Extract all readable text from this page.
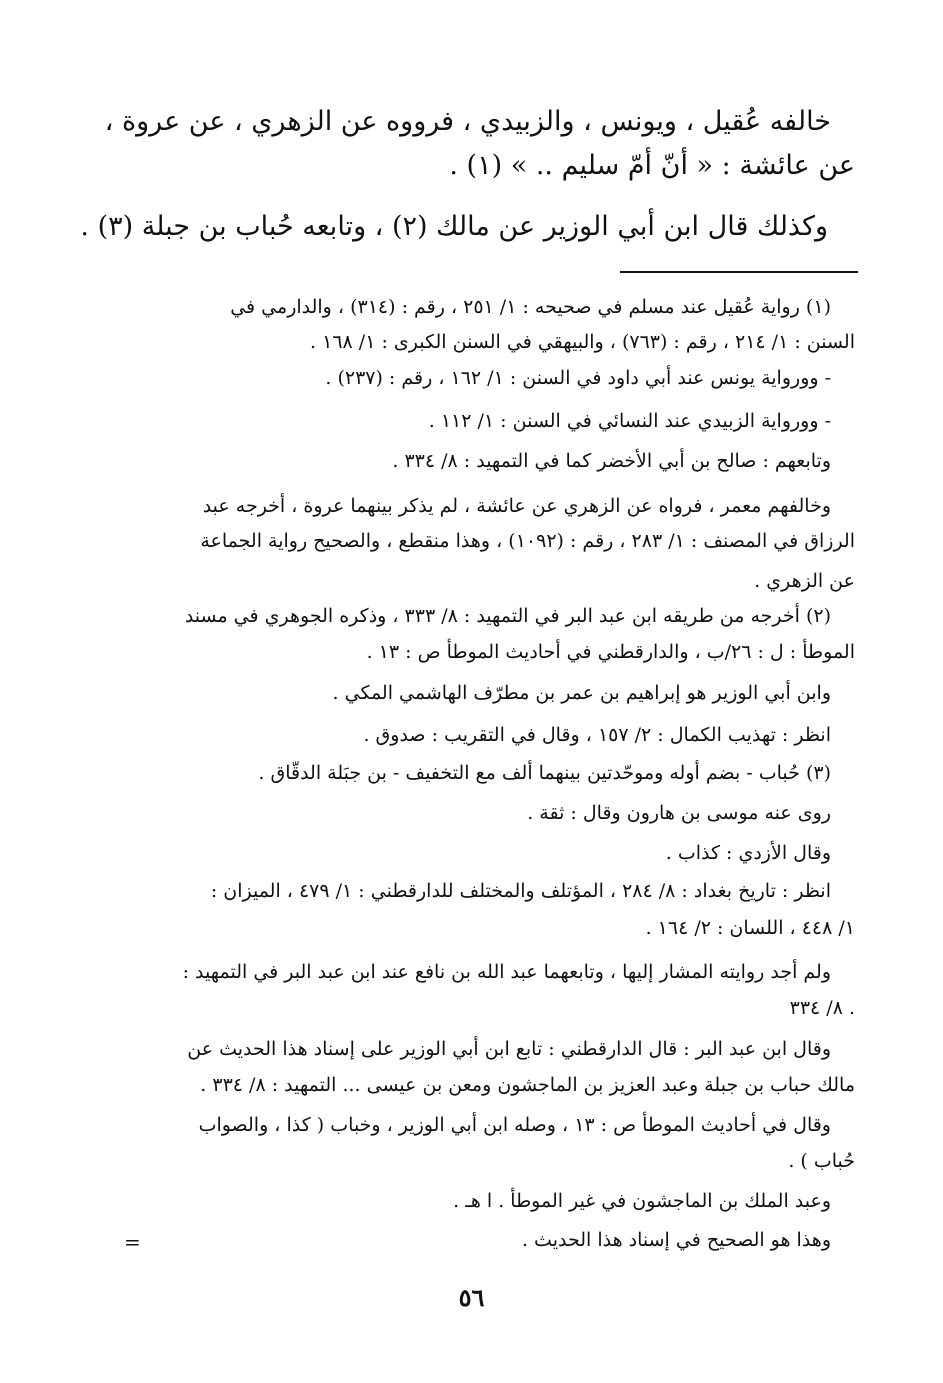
خالفه عُقيل ، ويونس ، والزبيدي ، فرووه عن الزهري ، عن عروة ،
عن عائشة : « أنّ أمّ سليم .. » (١) .
وكذلك قال ابن أبي الوزير عن مالك (٢) ، وتابعه حُباب بن جبلة (٣) .
(١) رواية عُقيل عند مسلم في صحيحه : ١/ ٢٥١ ، رقم : (٣١٤) ، والدارمي في
السنن : ١/ ٢١٤ ، رقم : (٧٦٣) ، والبيهقي في السنن الكبرى : ١/ ١٦٨ .
- وورواية يونس عند أبي داود في السنن : ١/ ١٦٢ ، رقم : (٢٣٧) .
- وورواية الزبيدي عند النسائي في السنن : ١/ ١١٢ .
وتابعهم : صالح بن أبي الأخضر كما في التمهيد : ٨/ ٣٣٤ .
وخالفهم معمر ، فرواه عن الزهري عن عائشة ، لم يذكر بينهما عروة ، أخرجه عبد
الرزاق في المصنف : ١/ ٢٨٣ ، رقم : (١٠٩٢) ، وهذا منقطع ، والصحيح رواية الجماعة
عن الزهري .
(٢) أخرجه من طريقه ابن عبد البر في التمهيد : ٨/ ٣٣٣ ، وذكره الجوهري في مسند
الموطأ : ل : ٢٦/ب ، والدارقطني في أحاديث الموطأ ص : ١٣ .
وابن أبي الوزير هو إبراهيم بن عمر بن مطرّف الهاشمي المكي .
انظر : تهذيب الكمال : ٢/ ١٥٧ ، وقال في التقريب : صدوق .
(٣) حُباب - بضم أوله وموحّدتين بينهما ألف مع التخفيف - بن جبَلة الدقّاق .
روى عنه موسى بن هارون وقال : ثقة .
وقال الأزدي : كذاب .
انظر : تاريخ بغداد : ٨/ ٢٨٤ ، المؤتلف والمختلف للدارقطني : ١/ ٤٧٩ ، الميزان :
١/ ٤٤٨ ، اللسان : ٢/ ١٦٤ .
ولم أجد روايته المشار إليها ، وتابعهما عبد الله بن نافع عند ابن عبد البر في التمهيد :
٨/ ٣٣٤ .
وقال ابن عبد البر : قال الدارقطني : تابع ابن أبي الوزير على إسناد هذا الحديث عن
مالك حباب بن جبلة وعبد العزيز بن الماجشون ومعن بن عيسى ... التمهيد : ٨/ ٣٣٤ .
وقال في أحاديث الموطأ ص : ١٣ ، وصله ابن أبي الوزير ، وخباب ( كذا ، والصواب
حُباب ) .
وعبد الملك بن الماجشون في غير الموطأ . ا هـ .
وهذا هو الصحيح في إسناد هذا الحديث .
=
٥٦
